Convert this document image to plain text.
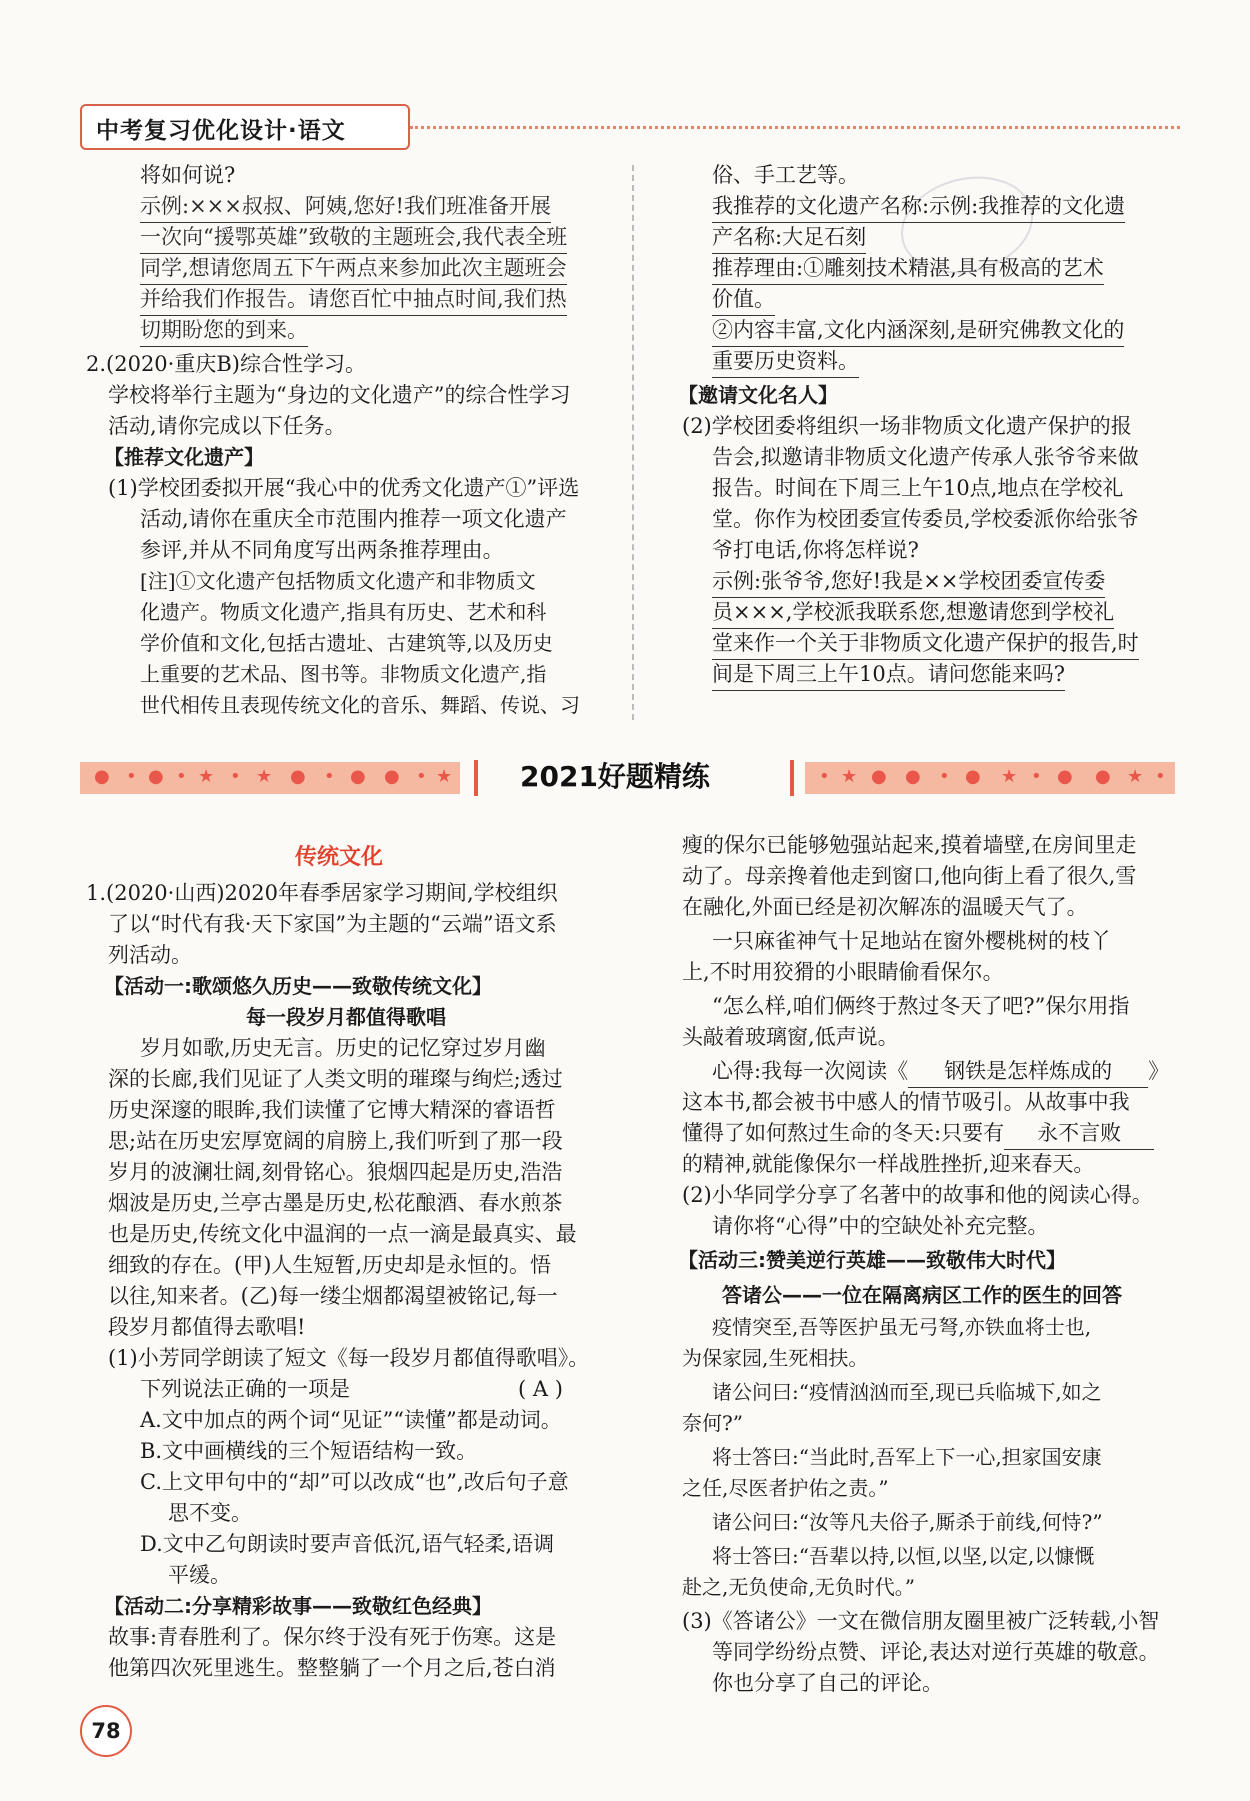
中考复习优化设计·语文
将如何说?
示例:×××叔叔、阿姨,您好!我们班准备开展
一次向“援鄂英雄”致敬的主题班会,我代表全班
同学,想请您周五下午两点来参加此次主题班会
并给我们作报告。请您百忙中抽点时间,我们热
切期盼您的到来。
2.(2020·重庆B)综合性学习。
学校将举行主题为“身边的文化遗产”的综合性学习
活动,请你完成以下任务。
【推荐文化遗产】
(1)学校团委拟开展“我心中的优秀文化遗产①”评选
活动,请你在重庆全市范围内推荐一项文化遗产
参评,并从不同角度写出两条推荐理由。
[注]①文化遗产包括物质文化遗产和非物质文
化遗产。物质文化遗产,指具有历史、艺术和科
学价值和文化,包括古遗址、古建筑等,以及历史
上重要的艺术品、图书等。非物质文化遗产,指
世代相传且表现传统文化的音乐、舞蹈、传说、习
俗、手工艺等。
我推荐的文化遗产名称:示例:我推荐的文化遗
产名称:大足石刻
推荐理由:①雕刻技术精湛,具有极高的艺术
价值。
②内容丰富,文化内涵深刻,是研究佛教文化的
重要历史资料。
【邀请文化名人】
(2)学校团委将组织一场非物质文化遗产保护的报
告会,拟邀请非物质文化遗产传承人张爷爷来做
报告。时间在下周三上午10点,地点在学校礼
堂。你作为校团委宣传委员,学校委派你给张爷
爷打电话,你将怎样说?
示例:张爷爷,您好!我是××学校团委宣传委
员×××,学校派我联系您,想邀请您到学校礼
堂来作一个关于非物质文化遗产保护的报告,时
间是下周三上午10点。请问您能来吗?
● • ● • ★ • ★ ● • ● ● • ★ 2021好题精练	• ★ ● ● • ● ★ • ● ● ★ •
传统文化
1.(2020·山西)2020年春季居家学习期间,学校组织
了以“时代有我·天下家国”为主题的“云端”语文系
列活动。
【活动一:歌颂悠久历史——致敬传统文化】
每一段岁月都值得歌唱
岁月如歌,历史无言。历史的记忆穿过岁月幽
深的长廊,我们见证了人类文明的璀璨与绚烂;透过
历史深邃的眼眸,我们读懂了它博大精深的睿语哲
思;站在历史宏厚宽阔的肩膀上,我们听到了那一段
岁月的波澜壮阔,刻骨铭心。狼烟四起是历史,浩浩
烟波是历史,兰亭古墨是历史,松花酿酒、春水煎茶
也是历史,传统文化中温润的一点一滴是最真实、最
细致的存在。(甲)人生短暂,历史却是永恒的。悟
以往,知来者。(乙)每一缕尘烟都渴望被铭记,每一
段岁月都值得去歌唱!
(1)小芳同学朗读了短文《每一段岁月都值得歌唱》。
下列说法正确的一项是	( A )
A.文中加点的两个词“见证”“读懂”都是动词。
B.文中画横线的三个短语结构一致。
C.上文甲句中的“却”可以改成“也”,改后句子意
思不变。
D.文中乙句朗读时要声音低沉,语气轻柔,语调
平缓。
【活动二:分享精彩故事——致敬红色经典】
故事:青春胜利了。保尔终于没有死于伤寒。这是
他第四次死里逃生。整整躺了一个月之后,苍白消
瘦的保尔已能够勉强站起来,摸着墙壁,在房间里走
动了。母亲搀着他走到窗口,他向街上看了很久,雪
在融化,外面已经是初次解冻的温暖天气了。
一只麻雀神气十足地站在窗外樱桃树的枝丫
上,不时用狡猾的小眼睛偷看保尔。
“怎么样,咱们俩终于熬过冬天了吧?”保尔用指
头敲着玻璃窗,低声说。
心得:我每一次阅读《 钢铁是怎样炼成的 》
这本书,都会被书中感人的情节吸引。从故事中我
懂得了如何熬过生命的冬天:只要有 永不言败
的精神,就能像保尔一样战胜挫折,迎来春天。
(2)小华同学分享了名著中的故事和他的阅读心得。
请你将“心得”中的空缺处补充完整。
【活动三:赞美逆行英雄——致敬伟大时代】
答诸公——一位在隔离病区工作的医生的回答
疫情突至,吾等医护虽无弓弩,亦铁血将士也,
为保家园,生死相扶。
诸公问曰:“疫情汹汹而至,现已兵临城下,如之
奈何?”
将士答曰:“当此时,吾军上下一心,担家国安康
之任,尽医者护佑之责。”
诸公问曰:“汝等凡夫俗子,厮杀于前线,何恃?”
将士答曰:“吾辈以持,以恒,以坚,以定,以慷慨
赴之,无负使命,无负时代。”
(3)《答诸公》一文在微信朋友圈里被广泛转载,小智
等同学纷纷点赞、评论,表达对逆行英雄的敬意。
你也分享了自己的评论。
78
